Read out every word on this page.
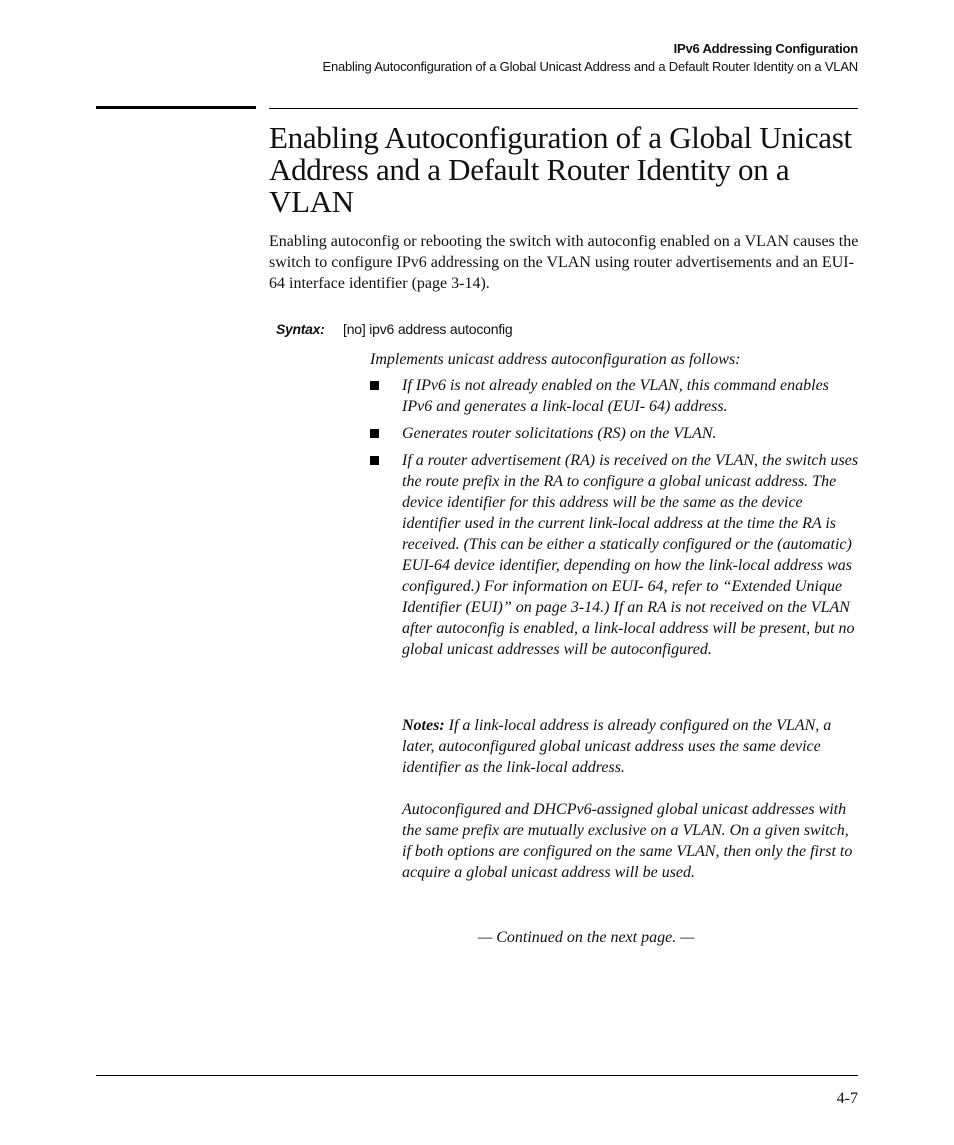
IPv6 Addressing Configuration
Enabling Autoconfiguration of a Global Unicast Address and a Default Router Identity on a VLAN
Enabling Autoconfiguration of a Global Unicast Address and a Default Router Identity on a VLAN

Enabling autoconfig or rebooting the switch with autoconfig enabled on a VLAN causes the switch to configure IPv6 addressing on the VLAN using router advertisements and an EUI-64 interface identifier (page 3-14).

Syntax: [no] ipv6 address autoconfig

Implements unicast address autoconfiguration as follows:

If IPv6 is not already enabled on the VLAN, this command enables IPv6 and generates a link-local (EUI- 64) address.
Generates router solicitations (RS) on the VLAN.
If a router advertisement (RA) is received on the VLAN, the switch uses the route prefix in the RA to configure a global unicast address. The device identifier for this address will be the same as the device identifier used in the current link-local address at the time the RA is received. (This can be either a statically configured or the (automatic) EUI-64 device identifier, depending on how the link-local address was configured.) For information on EUI- 64, refer to “Extended Unique Identifier (EUI)” on page 3-14.) If an RA is not received on the VLAN after autoconfig is enabled, a link-local address will be present, but no global unicast addresses will be autoconfigured.

Notes: If a link-local address is already configured on the VLAN, a later, autoconfigured global unicast address uses the same device identifier as the link-local address.

Autoconfigured and DHCPv6-assigned global unicast addresses with the same prefix are mutually exclusive on a VLAN. On a given switch, if both options are configured on the same VLAN, then only the first to acquire a global unicast address will be used.

— Continued on the next page. —
4-7
